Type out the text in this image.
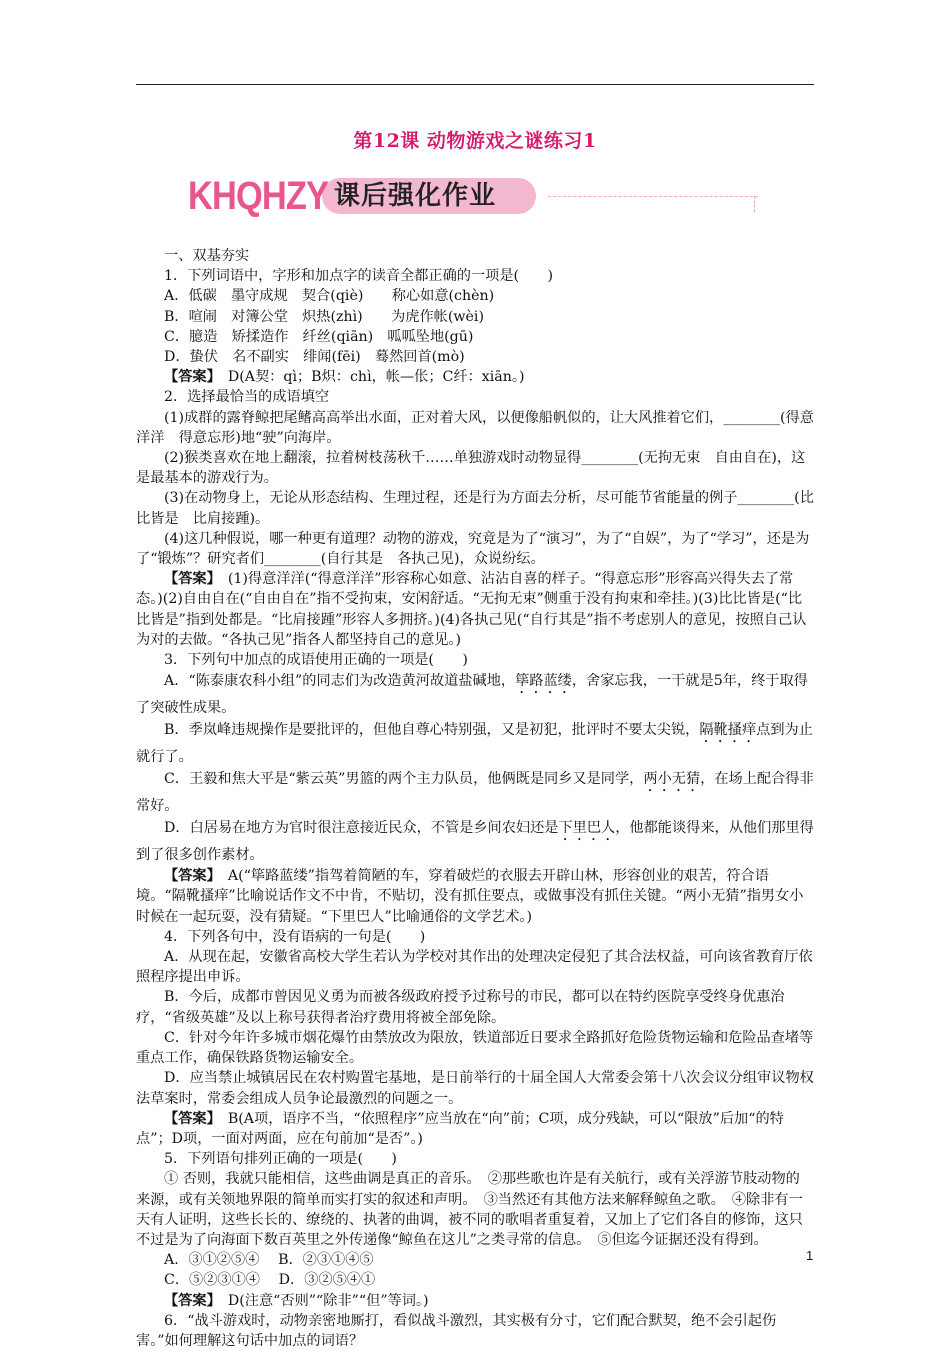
第12课 动物游戏之谜练习1
课后强化作业
KHQHZY

一、双基夯实

1．下列词语中，字形和加点字的读音全都正确的一项是(　　)

A．低碳　墨守成规　契合(qiè)　　称心如意(chèn)

B．喧闹　对簿公堂　炽热(zhì)　　为虎作帐(wèi)

C．臆造　矫揉造作　纤丝(qiān)　呱呱坠地(gū)

D．蛰伏　名不副实　绯闻(fēi)　蓦然回首(mò)

【答案】　D(A契：qì；B炽：chì，帐—伥；C纤：xiān。)

2．选择最恰当的成语填空

(1)成群的露脊鲸把尾鳍高高举出水面，正对着大风，以便像船帆似的，让大风推着它们，________(得意洋洋　得意忘形)地“驶”向海岸。

(2)猴类喜欢在地上翻滚，拉着树枝荡秋千……单独游戏时动物显得________(无拘无束　自由自在)，这是最基本的游戏行为。

(3)在动物身上，无论从形态结构、生理过程，还是行为方面去分析，尽可能节省能量的例子________(比比皆是　比肩接踵)。

(4)这几种假说，哪一种更有道理？动物的游戏，究竟是为了“演习”，为了“自娱”，为了“学习”，还是为了“锻炼”？研究者们________(自行其是　各执己见)，众说纷纭。

【答案】　(1)得意洋洋(“得意洋洋”形容称心如意、沾沾自喜的样子。“得意忘形”形容高兴得失去了常态。)(2)自由自在(“自由自在”指不受拘束，安闲舒适。“无拘无束”侧重于没有拘束和牵挂。)(3)比比皆是(“比比皆是”指到处都是。“比肩接踵”形容人多拥挤。)(4)各执己见(“自行其是”指不考虑别人的意见，按照自己认为对的去做。“各执己见”指各人都坚持自己的意见。)

3．下列句中加点的成语使用正确的一项是(　　)

A．“陈泰康农科小组”的同志们为改造黄河故道盐碱地，筚路蓝缕，舍家忘我，一干就是5年，终于取得了突破性成果。

B．季岚峰违规操作是要批评的，但他自尊心特别强，又是初犯，批评时不要太尖锐，隔靴搔痒点到为止就行了。

C．王毅和焦大平是“紫云英”男篮的两个主力队员，他俩既是同乡又是同学，两小无猜，在场上配合得非常好。

D．白居易在地方为官时很注意接近民众，不管是乡间农妇还是下里巴人，他都能谈得来，从他们那里得到了很多创作素材。

【答案】　A(“筚路蓝缕”指驾着简陋的车，穿着破烂的衣服去开辟山林，形容创业的艰苦，符合语境。“隔靴搔痒”比喻说话作文不中肯，不贴切，没有抓住要点，或做事没有抓住关键。“两小无猜”指男女小时候在一起玩耍，没有猜疑。“下里巴人”比喻通俗的文学艺术。)

4．下列各句中，没有语病的一句是(　　)

A．从现在起，安徽省高校大学生若认为学校对其作出的处理决定侵犯了其合法权益，可向该省教育厅依照程序提出申诉。

B．今后，成都市曾因见义勇为而被各级政府授予过称号的市民，都可以在特约医院享受终身优惠治疗，“省级英雄”及以上称号获得者治疗费用将被全部免除。

C．针对今年许多城市烟花爆竹由禁放改为限放，铁道部近日要求全路抓好危险货物运输和危险品查堵等重点工作，确保铁路货物运输安全。

D．应当禁止城镇居民在农村购置宅基地，是日前举行的十届全国人大常委会第十八次会议分组审议物权法草案时，常委会组成人员争论最激烈的问题之一。

【答案】　B(A项，语序不当，“依照程序”应当放在“向”前；C项，成分残缺，可以“限放”后加“的特点”；D项，一面对两面，应在句前加“是否”。)

5．下列语句排列正确的一项是(　　)

① 否则，我就只能相信，这些曲调是真正的音乐。　②那些歌也许是有关航行，或有关浮游节肢动物的来源，或有关领地界限的简单而实打实的叙述和声明。　③当然还有其他方法来解释鲸鱼之歌。　④除非有一天有人证明，这些长长的、缭绕的、执著的曲调，被不同的歌唱者重复着，又加上了它们各自的修饰，这只不过是为了向海面下数百英里之外传递像“鲸鱼在这儿”之类寻常的信息。　⑤但迄今证据还没有得到。

A．③①②⑤④　 B．②③①④⑤

C．⑤②③①④　 D．③②⑤④①

【答案】　D(注意“否则”“除非”“但”等词。)

6．“战斗游戏时，动物亲密地厮打，看似战斗激烈，其实极有分寸，它们配合默契，绝不会引起伤害。”如何理解这句话中加点的词语？

1
